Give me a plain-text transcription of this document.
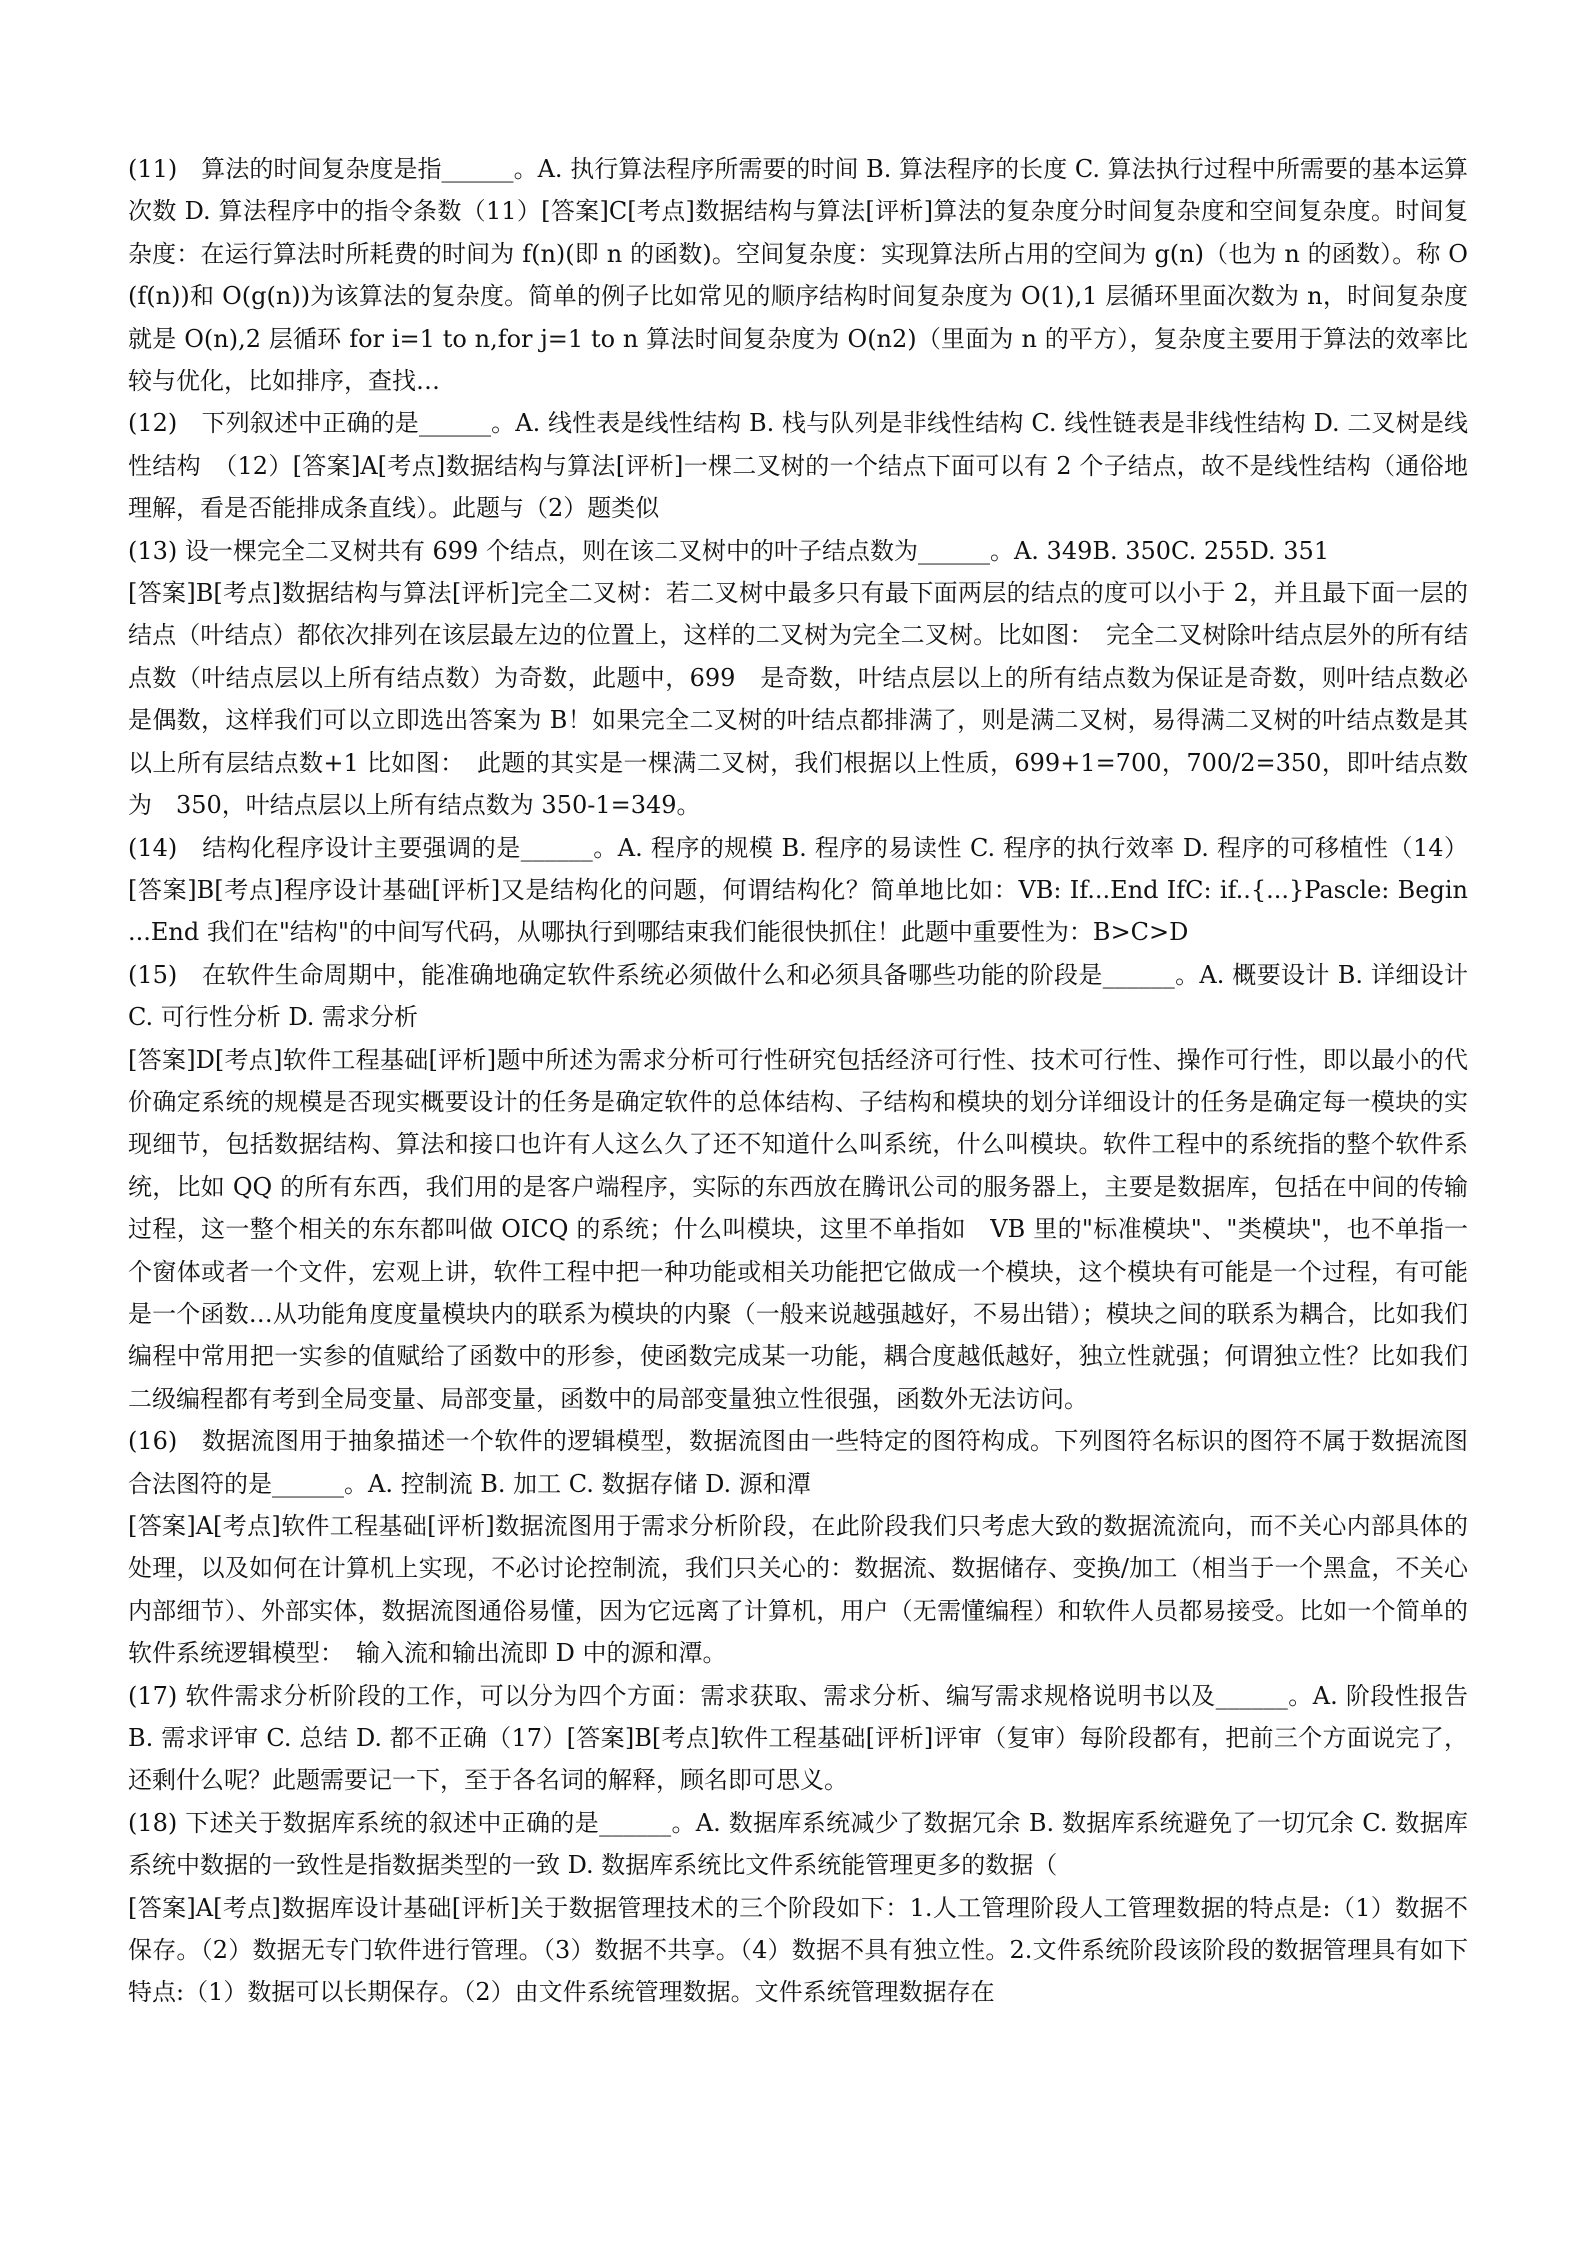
(11)　算法的时间复杂度是指______。A. 执行算法程序所需要的时间 B. 算法程序的长度 C. 算法执行过程中所需要的基本运算次数 D. 算法程序中的指令条数（11）[答案]C[考点]数据结构与算法[评析]算法的复杂度分时间复杂度和空间复杂度。时间复杂度：在运行算法时所耗费的时间为 f(n)(即 n 的函数)。空间复杂度：实现算法所占用的空间为 g(n)（也为 n 的函数）。称 O(f(n))和 O(g(n))为该算法的复杂度。简单的例子比如常见的顺序结构时间复杂度为 O(1),1 层循环里面次数为 n，时间复杂度就是 O(n),2 层循环 for i=1 to n,for j=1 to n 算法时间复杂度为 O(n2)（里面为 n 的平方），复杂度主要用于算法的效率比较与优化，比如排序，查找…

(12)　下列叙述中正确的是______。A. 线性表是线性结构 B. 栈与队列是非线性结构 C. 线性链表是非线性结构 D. 二叉树是线性结构　（12）[答案]A[考点]数据结构与算法[评析]一棵二叉树的一个结点下面可以有 2 个子结点，故不是线性结构（通俗地理解，看是否能排成条直线）。此题与（2）题类似

(13) 设一棵完全二叉树共有 699 个结点，则在该二叉树中的叶子结点数为______。A. 349B. 350C. 255D. 351

[答案]B[考点]数据结构与算法[评析]完全二叉树：若二叉树中最多只有最下面两层的结点的度可以小于 2，并且最下面一层的结点（叶结点）都依次排列在该层最左边的位置上，这样的二叉树为完全二叉树。比如图：　完全二叉树除叶结点层外的所有结点数（叶结点层以上所有结点数）为奇数，此题中，699　是奇数，叶结点层以上的所有结点数为保证是奇数，则叶结点数必是偶数，这样我们可以立即选出答案为 B！如果完全二叉树的叶结点都排满了，则是满二叉树，易得满二叉树的叶结点数是其以上所有层结点数+1 比如图：　此题的其实是一棵满二叉树，我们根据以上性质，699+1=700，700/2=350，即叶结点数为　350，叶结点层以上所有结点数为 350-1=349。

(14)　结构化程序设计主要强调的是______。A. 程序的规模 B. 程序的易读性 C. 程序的执行效率 D. 程序的可移植性（14）[答案]B[考点]程序设计基础[评析]又是结构化的问题，何谓结构化？简单地比如：VB: If...End IfC: if..{...}Pascle: Begin ...End 我们在"结构"的中间写代码，从哪执行到哪结束我们能很快抓住！此题中重要性为：B>C>D

(15)　在软件生命周期中，能准确地确定软件系统必须做什么和必须具备哪些功能的阶段是______。A. 概要设计 B. 详细设计 C. 可行性分析 D. 需求分析

[答案]D[考点]软件工程基础[评析]题中所述为需求分析可行性研究包括经济可行性、技术可行性、操作可行性，即以最小的代价确定系统的规模是否现实概要设计的任务是确定软件的总体结构、子结构和模块的划分详细设计的任务是确定每一模块的实现细节，包括数据结构、算法和接口也许有人这么久了还不知道什么叫系统，什么叫模块。软件工程中的系统指的整个软件系统，比如 QQ 的所有东西，我们用的是客户端程序，实际的东西放在腾讯公司的服务器上，主要是数据库，包括在中间的传输过程，这一整个相关的东东都叫做 OICQ 的系统；什么叫模块，这里不单指如　VB 里的"标准模块"、"类模块"，也不单指一个窗体或者一个文件，宏观上讲，软件工程中把一种功能或相关功能把它做成一个模块，这个模块有可能是一个过程，有可能是一个函数…从功能角度度量模块内的联系为模块的内聚（一般来说越强越好，不易出错）；模块之间的联系为耦合，比如我们编程中常用把一实参的值赋给了函数中的形参，使函数完成某一功能，耦合度越低越好，独立性就强；何谓独立性？比如我们二级编程都有考到全局变量、局部变量，函数中的局部变量独立性很强，函数外无法访问。

(16)　数据流图用于抽象描述一个软件的逻辑模型，数据流图由一些特定的图符构成。下列图符名标识的图符不属于数据流图合法图符的是______。A. 控制流 B. 加工 C. 数据存储 D. 源和潭

[答案]A[考点]软件工程基础[评析]数据流图用于需求分析阶段，在此阶段我们只考虑大致的数据流流向，而不关心内部具体的处理，以及如何在计算机上实现，不必讨论控制流，我们只关心的：数据流、数据储存、变换/加工（相当于一个黑盒，不关心内部细节）、外部实体，数据流图通俗易懂，因为它远离了计算机，用户（无需懂编程）和软件人员都易接受。比如一个简单的软件系统逻辑模型：　输入流和输出流即 D 中的源和潭。

(17) 软件需求分析阶段的工作，可以分为四个方面：需求获取、需求分析、编写需求规格说明书以及______。A. 阶段性报告 B. 需求评审 C. 总结 D. 都不正确（17）[答案]B[考点]软件工程基础[评析]评审（复审）每阶段都有，把前三个方面说完了，还剩什么呢？此题需要记一下，至于各名词的解释，顾名即可思义。

(18) 下述关于数据库系统的叙述中正确的是______。A. 数据库系统减少了数据冗余 B. 数据库系统避免了一切冗余 C. 数据库系统中数据的一致性是指数据类型的一致 D. 数据库系统比文件系统能管理更多的数据（

[答案]A[考点]数据库设计基础[评析]关于数据管理技术的三个阶段如下：1.人工管理阶段人工管理数据的特点是:（1）数据不保存。（2）数据无专门软件进行管理。（3）数据不共享。（4）数据不具有独立性。2.文件系统阶段该阶段的数据管理具有如下特点:（1）数据可以长期保存。（2）由文件系统管理数据。文件系统管理数据存在
